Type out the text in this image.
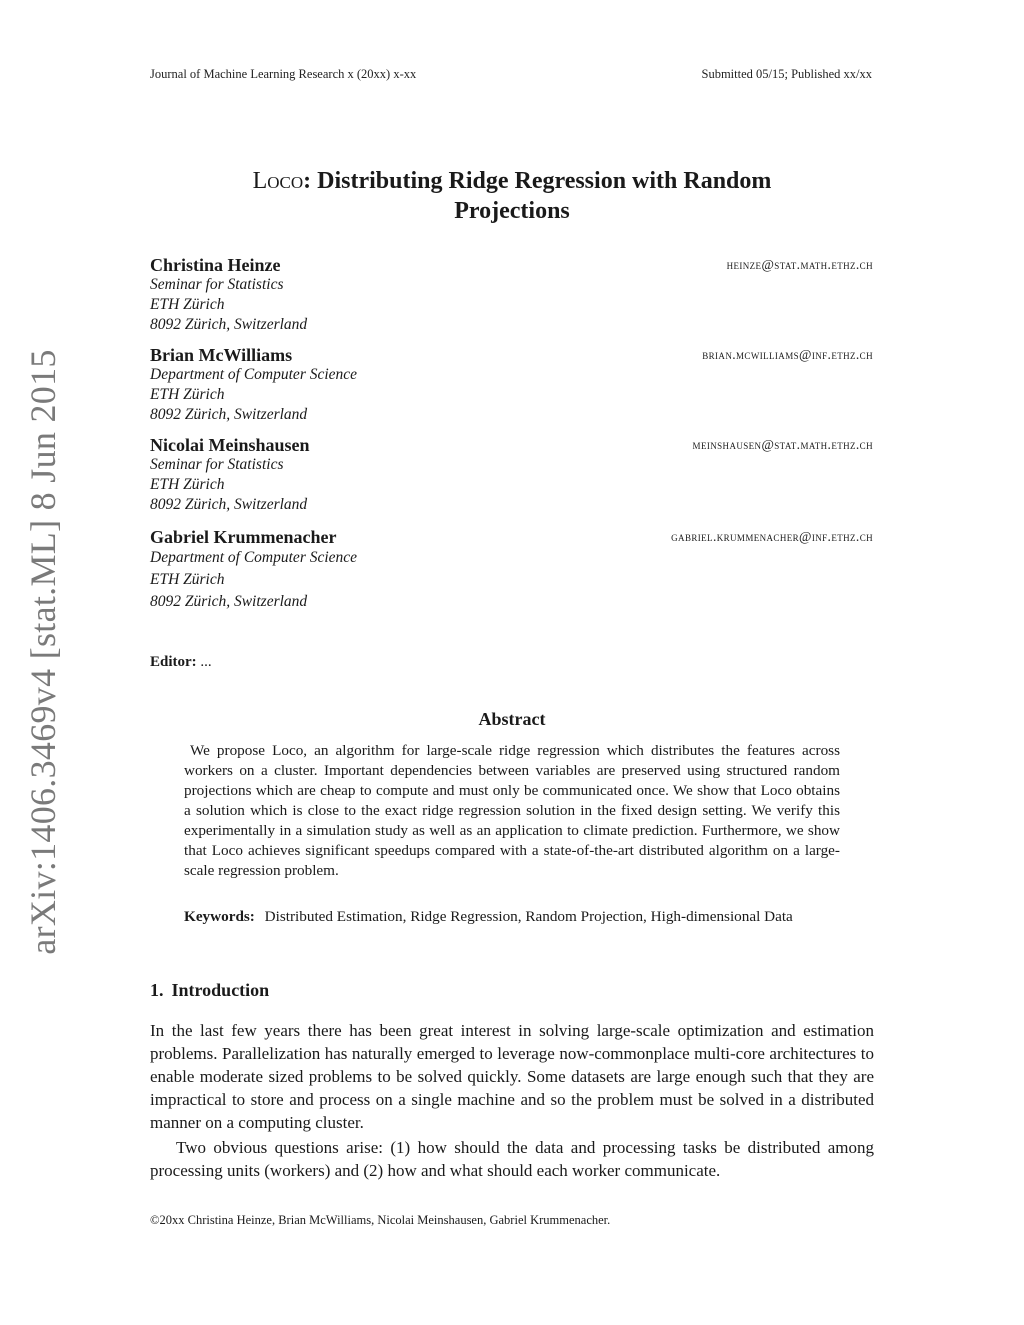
Journal of Machine Learning Research x (20xx) x-xx	Submitted 05/15; Published xx/xx
arXiv:1406.3469v4 [stat.ML] 8 Jun 2015
Loco: Distributing Ridge Regression with Random
Projections
Christina Heinze	heinze@stat.math.ethz.ch
Seminar for Statistics
ETH Zürich
8092 Zürich, Switzerland
Brian McWilliams	brian.mcwilliams@inf.ethz.ch
Department of Computer Science
ETH Zürich
8092 Zürich, Switzerland
Nicolai Meinshausen	meinshausen@stat.math.ethz.ch
Seminar for Statistics
ETH Zürich
8092 Zürich, Switzerland
Gabriel Krummenacher	gabriel.krummenacher@inf.ethz.ch
Department of Computer Science
ETH Zürich
8092 Zürich, Switzerland
Editor: ...
Abstract
We propose Loco, an algorithm for large-scale ridge regression which distributes the features across workers on a cluster. Important dependencies between variables are preserved using structured random projections which are cheap to compute and must only be communicated once. We show that Loco obtains a solution which is close to the exact ridge regression solution in the fixed design setting. We verify this experimentally in a simulation study as well as an application to climate prediction. Furthermore, we show that Loco achieves significant speedups compared with a state-of-the-art distributed algorithm on a large-scale regression problem.
Keywords: Distributed Estimation, Ridge Regression, Random Projection, High-dimensional Data
1. Introduction
In the last few years there has been great interest in solving large-scale optimization and estimation problems. Parallelization has naturally emerged to leverage now-commonplace multi-core architectures to enable moderate sized problems to be solved quickly. Some datasets are large enough such that they are impractical to store and process on a single machine and so the problem must be solved in a distributed manner on a computing cluster.
Two obvious questions arise: (1) how should the data and processing tasks be distributed among processing units (workers) and (2) how and what should each worker communicate.
©20xx Christina Heinze, Brian McWilliams, Nicolai Meinshausen, Gabriel Krummenacher.
